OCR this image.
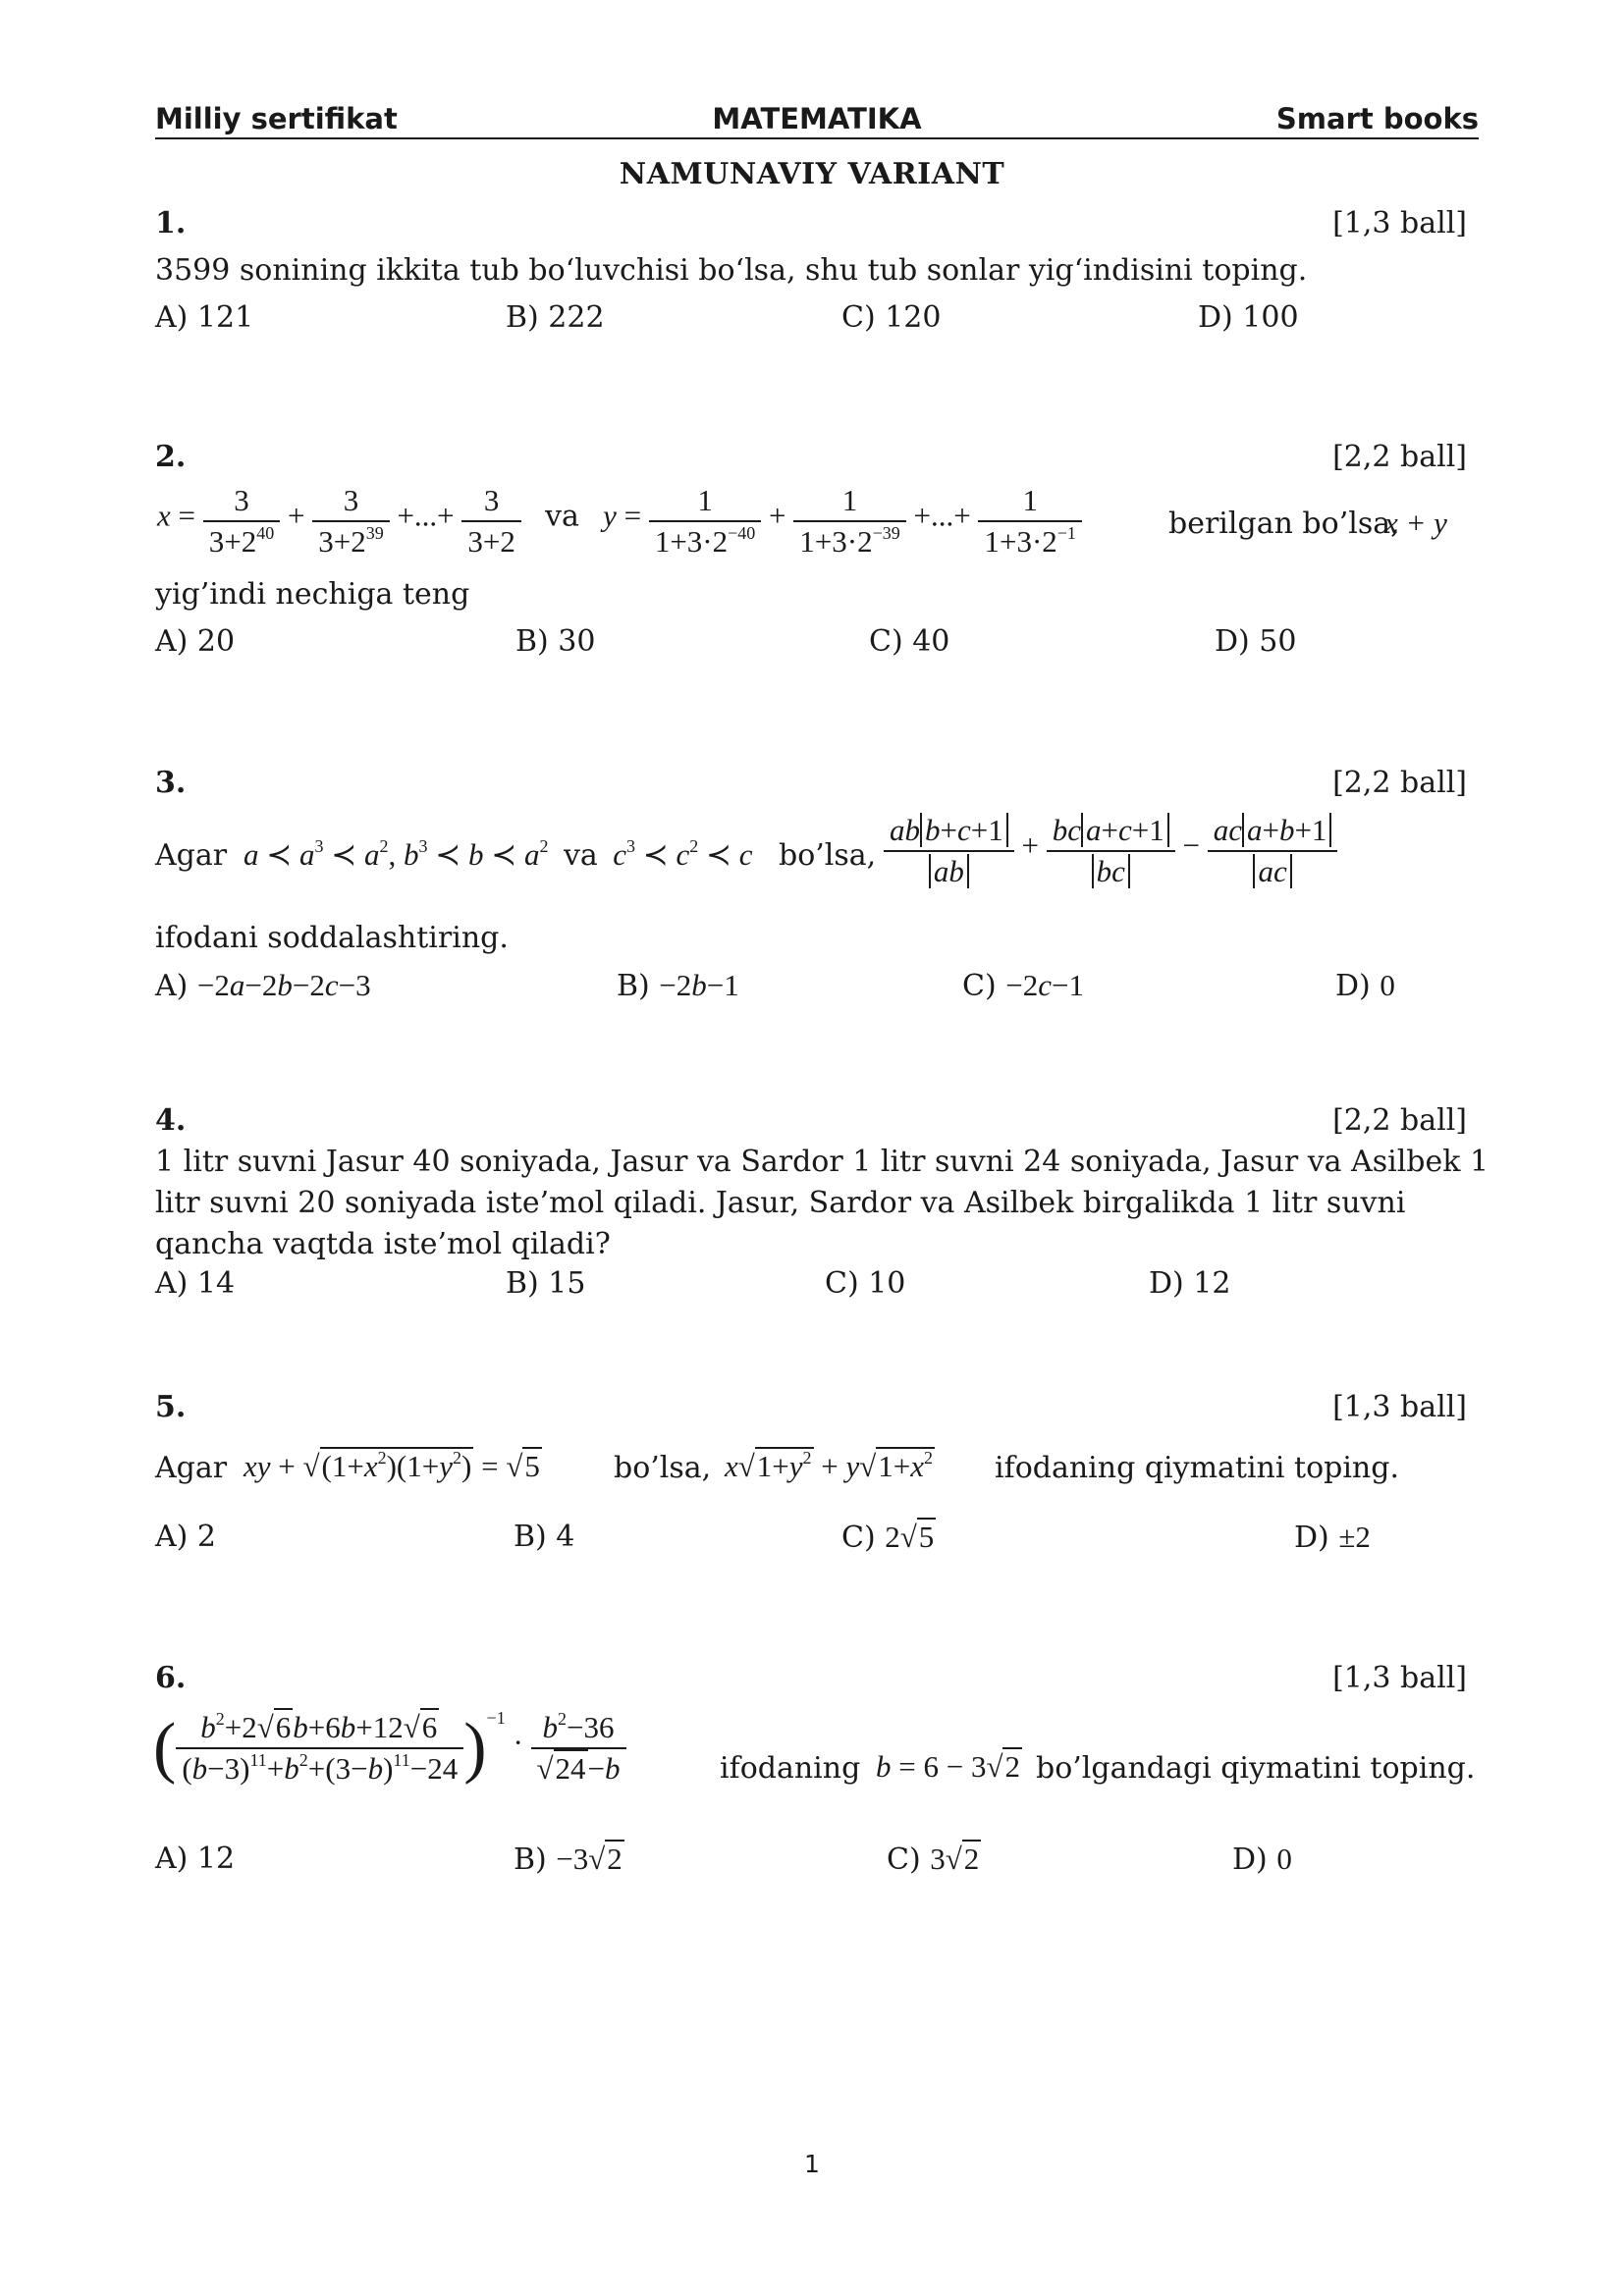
Milliy sertifikat	MATEMATIKA	Smart books
NAMUNAVIY VARIANT
1.	[1,3 ball]
3599 sonining ikkita tub bo‘luvchisi bo‘lsa, shu tub sonlar yig‘indisini toping.
A) 121	B) 222	C) 120	D) 100
2.	[2,2 ball]
$x = \frac{3}{3+2^{40}} + \frac{3}{3+2^{39}}$ +...+ $\frac{3}{3+2}$ va   $y = \frac{1}{1+3\cdot 2^{-40}} + \frac{1}{1+3\cdot 2^{-39}}$ +...+ $\frac{1}{1+3\cdot 2^{-1}}$	berilgan bo’lsa,
x + y
yig’indi nechiga teng
A) 20	B) 30	C) 40	D) 50
3.	[2,2 ball]
Agar a ≺ $a^3$ ≺ $a^2$, $b^3$ ≺ b ≺ $a^2$ va $c^3$ ≺ $c^2$ ≺ c bo’lsa, $\frac{\text{ab b+c+1}}{ab} + \frac{\text{bc a+c+1}}{bc} - \frac{\text{ac a+b+1}}{ac}$
ifodani soddalashtiring.
A) −2a−2b−2c−3	B) −2b−1	C) −2c−1	D) 0
4.	[2,2 ball]
1 litr suvni Jasur 40 soniyada, Jasur va Sardor 1 litr suvni 24 soniyada, Jasur va Asilbek 1
litr suvni 20 soniyada iste’mol qiladi. Jasur, Sardor va Asilbek birgalikda 1 litr suvni
qancha vaqtda iste’mol qiladi?
A) 14	B) 15	C) 10	D) 12
5.	[1,3 ball]
Agar xy + $√(1+x^2)(1+y^2) = √5$	bo’lsa, $x√1+y^2 + y√1+x^2$ ifodaning qiymatini toping.
A) 2	B) 4	C) 2√5	D) ±2
6.	[1,3 ball]
( $\frac{b^2+2√6b+6b+12√6}{(b-3)^{11}+b^2+(3-b)^{11}-24} )-1 \cdot \frac{b^2-36}{√24-b}$	ifodaning b = 6 − 3√2 bo’lgandagi qiymatini toping.
A) 12	B) −3√2	C) 3√2	D) 0
1
